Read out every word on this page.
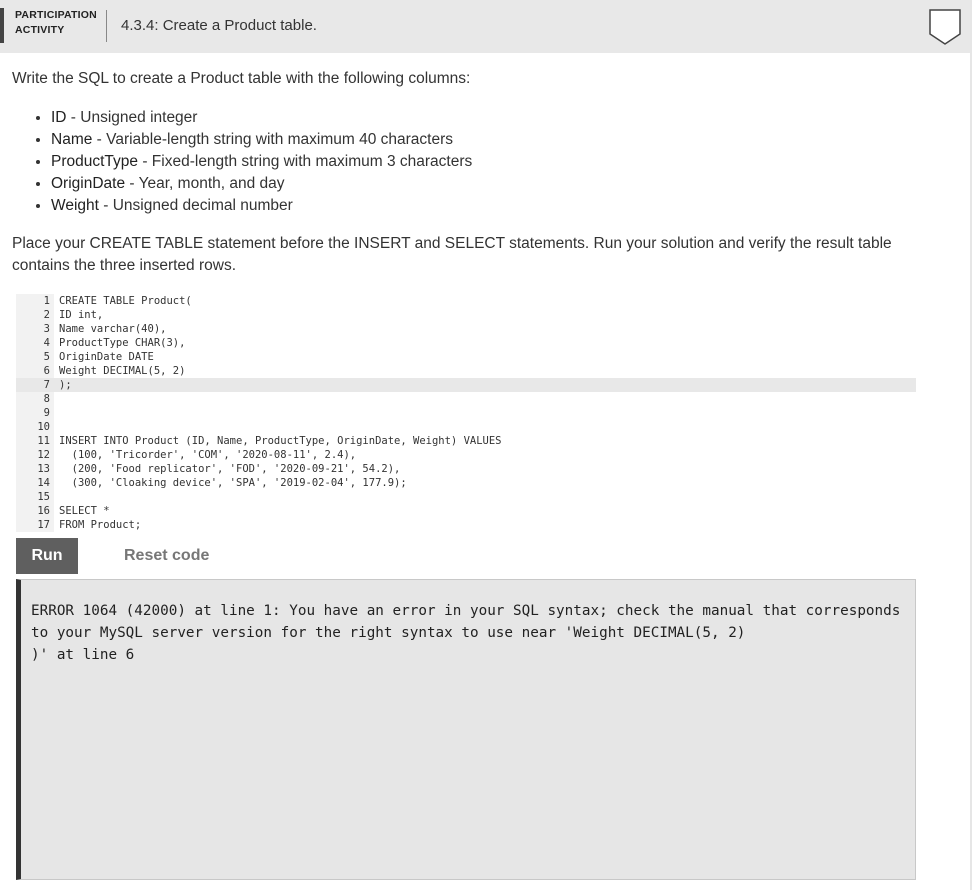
PARTICIPATION
ACTIVITY	4.3.4: Create a Product table.
Write the SQL to create a Product table with the following columns:
• ID - Unsigned integer
• Name - Variable-length string with maximum 40 characters
• ProductType - Fixed-length string with maximum 3 characters
• OriginDate - Year, month, and day
• Weight - Unsigned decimal number
Place your CREATE TABLE statement before the INSERT and SELECT statements. Run your solution and verify the result table contains the three inserted rows.
1 CREATE TABLE Product(
2 ID int,
3 Name varchar(40),
4 ProductType CHAR(3),
5 OriginDate DATE
6 Weight DECIMAL(5, 2)
7 );
8
9
10
11 INSERT INTO Product (ID, Name, ProductType, OriginDate, Weight) VALUES
12 (100, 'Tricorder', 'COM', '2020-08-11', 2.4),
13 (200, 'Food replicator', 'FOD', '2020-09-21', 54.2),
14 (300, 'Cloaking device', 'SPA', '2019-02-04', 177.9);
15
16 SELECT *
17 FROM Product;
Run	Reset code
ERROR 1064 (42000) at line 1: You have an error in your SQL syntax; check the manual that corresponds to your MySQL server version for the right syntax to use near 'Weight DECIMAL(5, 2)
)' at line 6
